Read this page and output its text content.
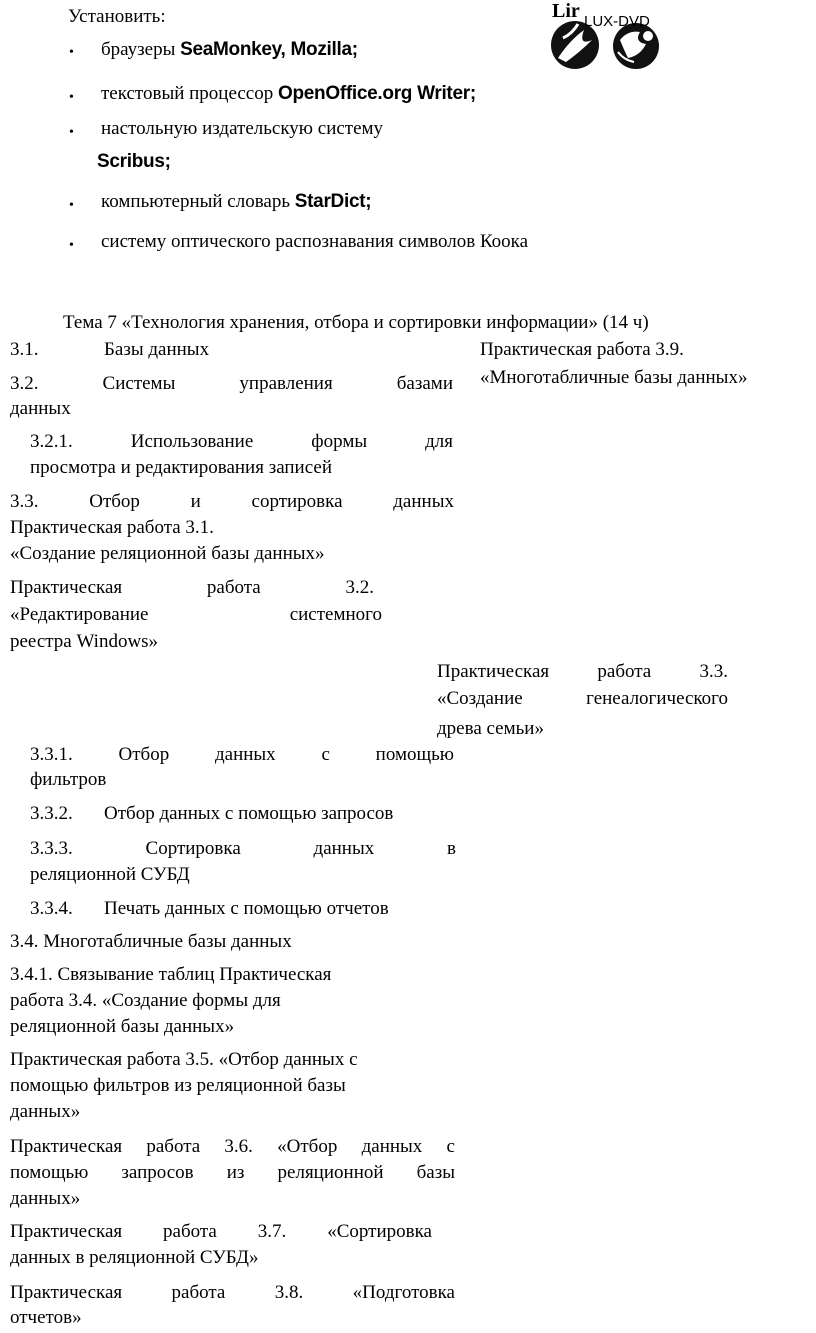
Установить:	Lir LUX-DVD
• браузеры SeaMonkey, Mozilla;
• текстовый процессор OpenOffice.org Writer;
• настольную издательскую систему
Scribus;
• компьютерный словарь StarDict;
• систему оптического распознавания символов Коока
Тема 7 «Технология хранения, отбора и сортировки информации» (14 ч)
3.1.	Базы данных
3.2.	Системы	управления	базами
данных
3.2.1.	Использование	формы	для
просмотра и редактирования записей
3.3.	Отбор	и	сортировка	данных
Практическая работа 3.1.
«Создание реляционной базы данных»
Практическая	работа	3.2.
«Редактирование	системного
реестра Windows»
Практическая работа 3.9.
«Многотабличные базы данных»
Практическая	работа	3.3.
«Создание	генеалогического
древа семьи»
3.3.1. Отбор данных с помощью
фильтров
3.3.2. Отбор данных с помощью запросов
3.3.3.	Сортировка	данных	в
реляционной СУБД
3.3.4. Печать данных с помощью отчетов
3.4. Многотабличные базы данных
3.4.1. Связывание таблиц Практическая
работа 3.4. «Создание формы для
реляционной базы данных»
Практическая работа 3.5. «Отбор данных с
помощью фильтров из реляционной базы
данных»
Практическая работа 3.6. «Отбор данных с
помощью запросов из реляционной базы
данных»
Практическая работа 3.7. «Сортировка
данных в реляционной СУБД»
Практическая	работа	3.8.	«Подготовка
отчетов»
